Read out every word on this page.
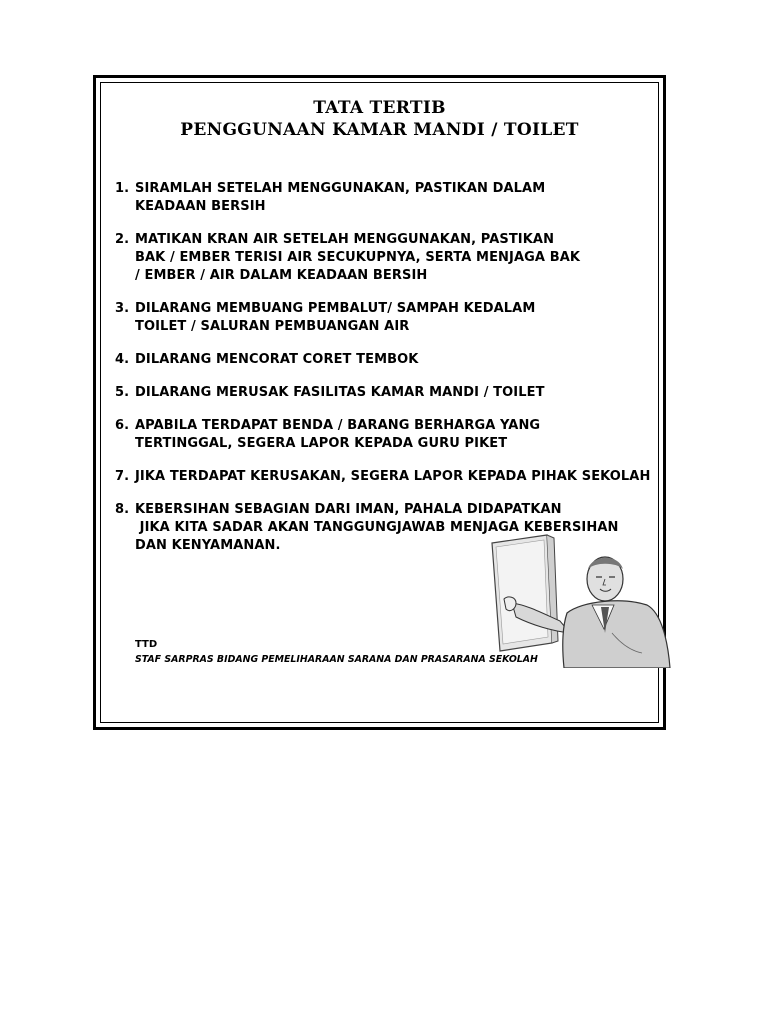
TATA TERTIB
PENGGUNAAN KAMAR MANDI / TOILET
1. SIRAMLAH SETELAH MENGGUNAKAN, PASTIKAN DALAM
KEADAAN BERSIH
2. MATIKAN KRAN AIR SETELAH MENGGUNAKAN, PASTIKAN
BAK / EMBER TERISI AIR SECUKUPNYA, SERTA MENJAGA BAK
/ EMBER / AIR DALAM KEADAAN BERSIH
3. DILARANG MEMBUANG PEMBALUT/ SAMPAH KEDALAM
TOILET / SALURAN PEMBUANGAN AIR
4. DILARANG MENCORAT CORET TEMBOK
5. DILARANG MERUSAK FASILITAS KAMAR MANDI / TOILET
6. APABILA TERDAPAT BENDA / BARANG BERHARGA YANG
TERTINGGAL, SEGERA LAPOR KEPADA GURU PIKET
7. JIKA TERDAPAT KERUSAKAN, SEGERA LAPOR KEPADA PIHAK SEKOLAH
8. KEBERSIHAN SEBAGIAN DARI IMAN, PAHALA DIDAPATKAN
JIKA KITA SADAR AKAN TANGGUNGJAWAB MENJAGA KEBERSIHAN
DAN KENYAMANAN.
TTD
STAF SARPRAS BIDANG PEMELIHARAAN SARANA DAN PRASARANA SEKOLAH
